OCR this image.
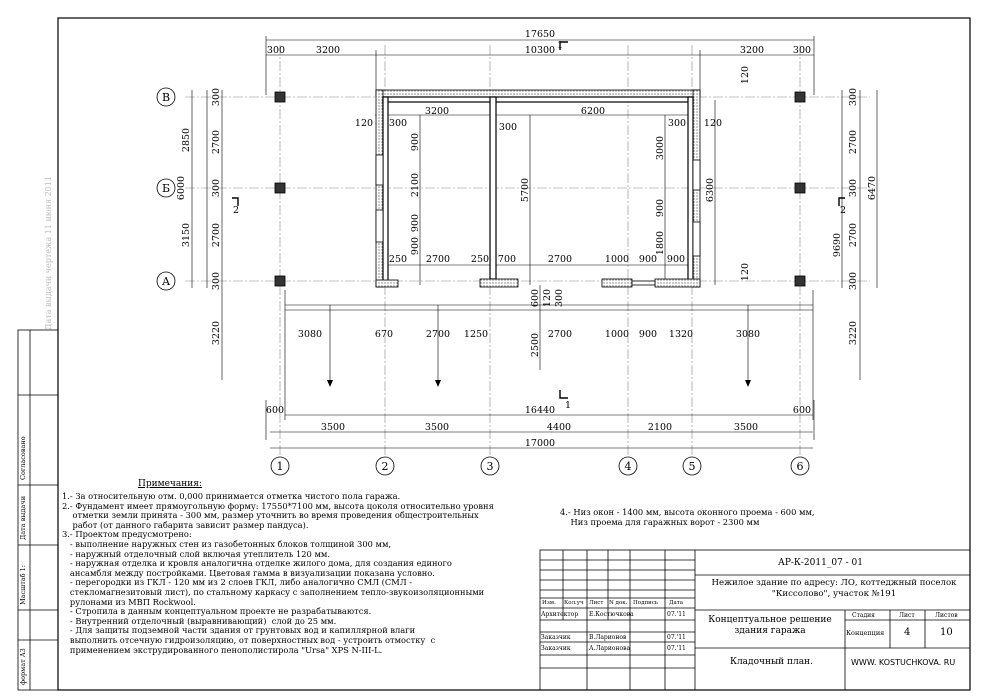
В
Б
А
1	2	3	4	5	6
17650
300	3200	10300 1	3200	300
120 300
3200
300
6200
300 120
250 2700 250 700	2700	1000 900 900
3080	670	2700 1250	2700	1000 900 1320	3080
1
600	16440	600
3500	3500	4400	2100	3500
17000
2	2
2850
3150
6000
300
2700
300
2700
300
3220
900
2100
900
900
5700
3000
900
1800
6300
120
120
600 120 300
2500
300
2700
300
2700
300
3220
9690
6470
Дата выдачи чертежа 11 июня 2011
Согласовано
Дата выдачи
Масштаб 1:
формат А3
Примечания:
1.- За относительную отм. 0,000 принимается отметка чистого пола гаража.
2.- Фундамент имеет прямоугольную форму: 17550*7100 мм, высота цоколя относительно уровня
отметки земли принята - 300 мм, размер уточнить во время проведения общестроительных
работ (от данного габарита зависит размер пандуса).
3.- Проектом предусмотрено:
- выполнение наружных стен из газобетонных блоков толщиной 300 мм,
- наружный отделочный слой включая утеплитель 120 мм.
- наружная отделка и кровля аналогична отделке жилого дома, для создания единого
ансамбля между постройками. Цветовая гамма в визуализации показана условно.
- перегородки из ГКЛ - 120 мм из 2 слоев ГКЛ, либо аналогично СМЛ (СМЛ -
стекломагнезитовый лист), по стальному каркасу с заполнением тепло-звукоизоляционными
рулонами из МВП Rockwool.
- Стропила в данным концептуальном проекте не разрабатываются.
- Внутренний отделочный (выравнивающий)  слой до 25 мм.
- Для защиты подземной части здания от грунтовых вод и капиллярной влаги
выполнить отсечную гидроизоляцию, от поверхностных вод - устроить отмостку  с
применением экструдированного пенополистирола "Ursa" XPS N-III-L.
4.- Низ окон - 1400 мм, высота оконного проема - 600 мм,
Низ проема для гаражных ворот - 2300 мм
АР-К-2011_07 - 01
Нежилое здание по адресу: ЛО, коттеджный поселок
"Киссолово", участок №191
Изм. Кол.уч Лист N док. Подпись Дата
Архитектор Е.Костючкова	07.'11
Заказчик	В.Ларионов	07.'11
Заказчик	А.Ларионова	07.'11
Концептуальное решение
здания гаража
Стадия	Лист	Листов
Концепция 4	10
Кладочный план.	WWW. KOSTUCHKOVA. RU
